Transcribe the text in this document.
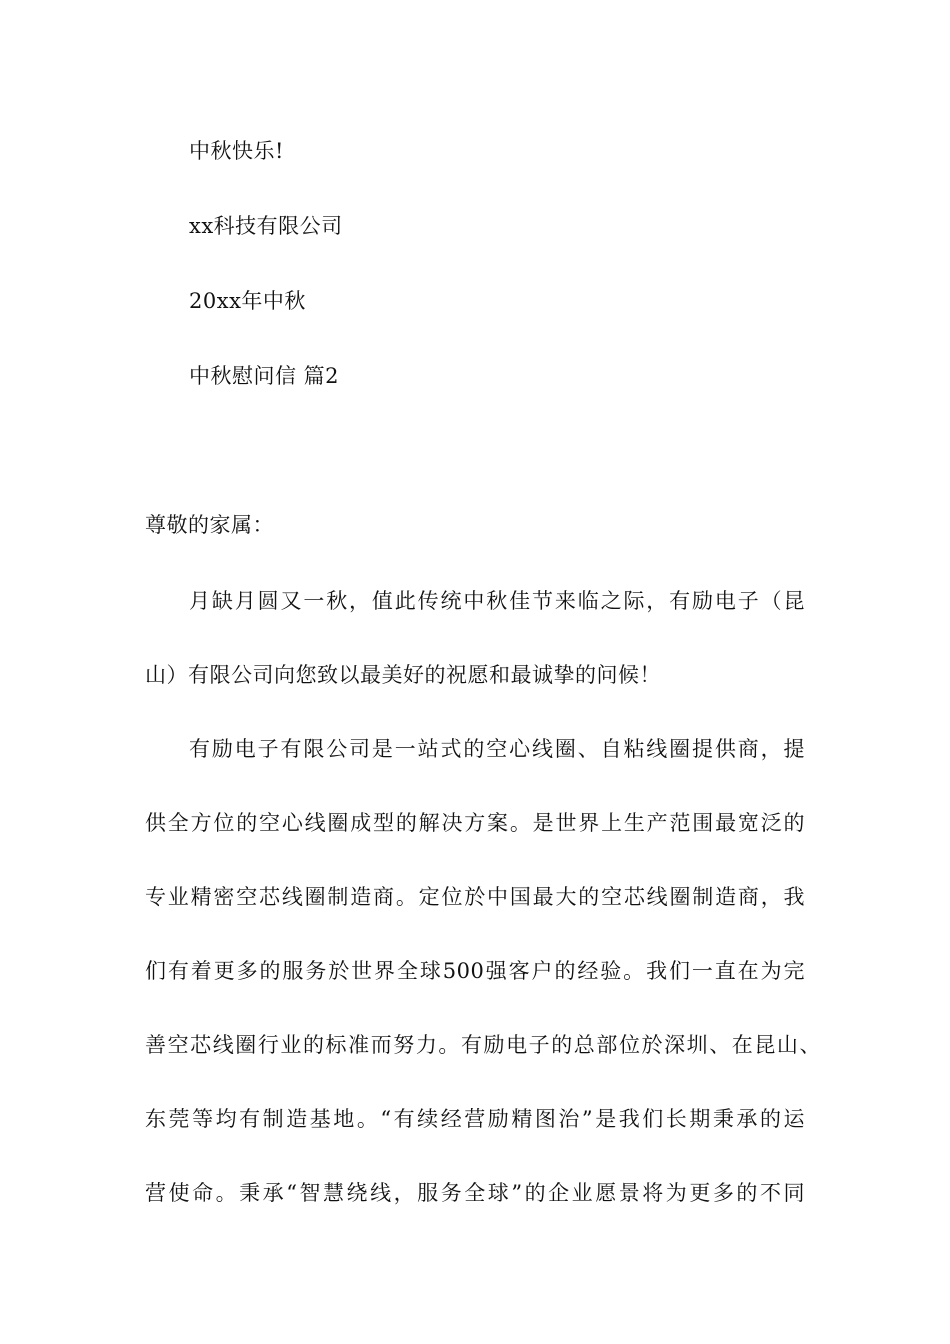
中秋快乐!
xx科技有限公司
20xx年中秋
中秋慰问信 篇2
尊敬的家属：
月缺月圆又一秋，值此传统中秋佳节来临之际，有励电子（昆
山）有限公司向您致以最美好的祝愿和最诚挚的问候！
有励电子有限公司是一站式的空心线圈、自粘线圈提供商，提
供全方位的空心线圈成型的解决方案。是世界上生产范围最宽泛的
专业精密空芯线圈制造商。定位於中国最大的空芯线圈制造商，我
们有着更多的服务於世界全球500强客户的经验。我们一直在为完
善空芯线圈行业的标准而努力。有励电子的总部位於深圳、在昆山、
东莞等均有制造基地。“有续经营励精图治”是我们长期秉承的运
营使命。秉承“智慧绕线，服务全球”的企业愿景将为更多的不同
